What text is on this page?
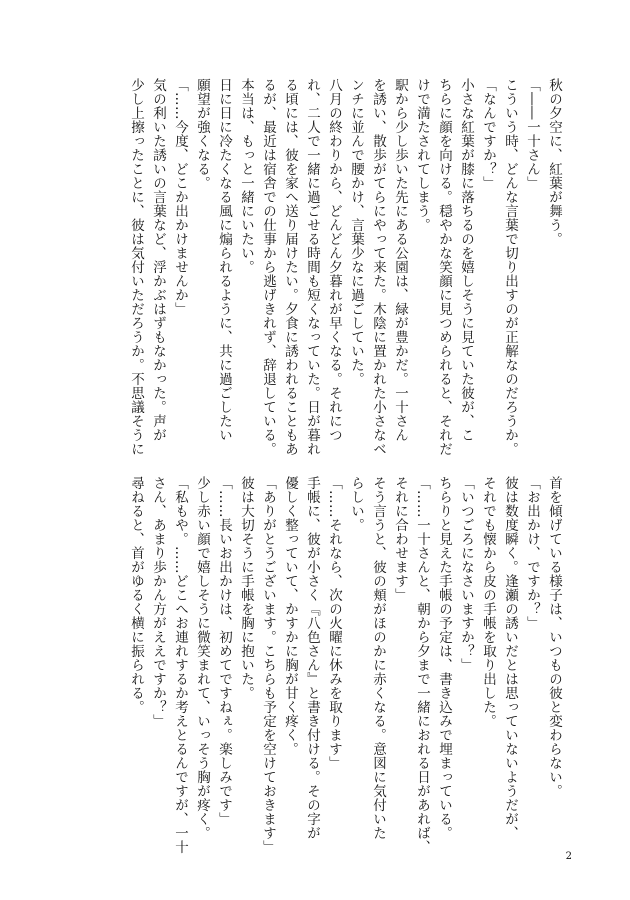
秋の夕空に、紅葉が舞う。
「――一十さん」
こういう時、どんな言葉で切り出すのが正解なのだろうか。
「なんですか？」
小さな紅葉が膝に落ちるのを嬉しそうに見ていた彼が、こ
ちらに顔を向ける。穏やかな笑顔に見つめられると、それだ
けで満たされてしまう。
駅から少し歩いた先にある公園は、緑が豊かだ。一十さん
を誘い、散歩がてらにやって来た。木陰に置かれた小さなベ
ンチに並んで腰かけ、言葉少なに過ごしていた。
八月の終わりから、どんどん夕暮れが早くなる。それにつ
れ、二人で一緒に過ごせる時間も短くなっていた。日が暮れ
る頃には、彼を家へ送り届けたい。夕食に誘われることもあ
るが、最近は宿舎での仕事から逃げきれず、辞退している。
本当は、もっと一緒にいたい。
日に日に冷たくなる風に煽られるように、共に過ごしたい
願望が強くなる。
「……今度、どこか出かけませんか」
気の利いた誘いの言葉など、浮かぶはずもなかった。声が
少し上擦ったことに、彼は気付いただろうか。不思議そうに
首を傾げている様子は、いつもの彼と変わらない。
「お出かけ、ですか？」
彼は数度瞬く。逢瀬の誘いだとは思っていないようだが、
それでも懐から皮の手帳を取り出した。
「いつごろになさいますか？」
ちらりと見えた手帳の予定は、書き込みで埋まっている。
「……一十さんと、朝から夕まで一緒におれる日があれば、
それに合わせます」
そう言うと、彼の頬がほのかに赤くなる。意図に気付いた
らしい。
「……それなら、次の火曜に休みを取ります」
手帳に、彼が小さく『八色さん』と書き付ける。その字が
優しく整っていて、かすかに胸が甘く疼く。
「ありがとうございます。こちらも予定を空けておきます」
彼は大切そうに手帳を胸に抱いた。
「……長いお出かけは、初めてですねぇ。楽しみです」
少し赤い顔で嬉しそうに微笑まれて、いっそう胸が疼く。
「私もや。……どこへお連れするか考えとるんですが、一十
さん、あまり歩かん方がええですか？」
尋ねると、首がゆるく横に振られる。
2
